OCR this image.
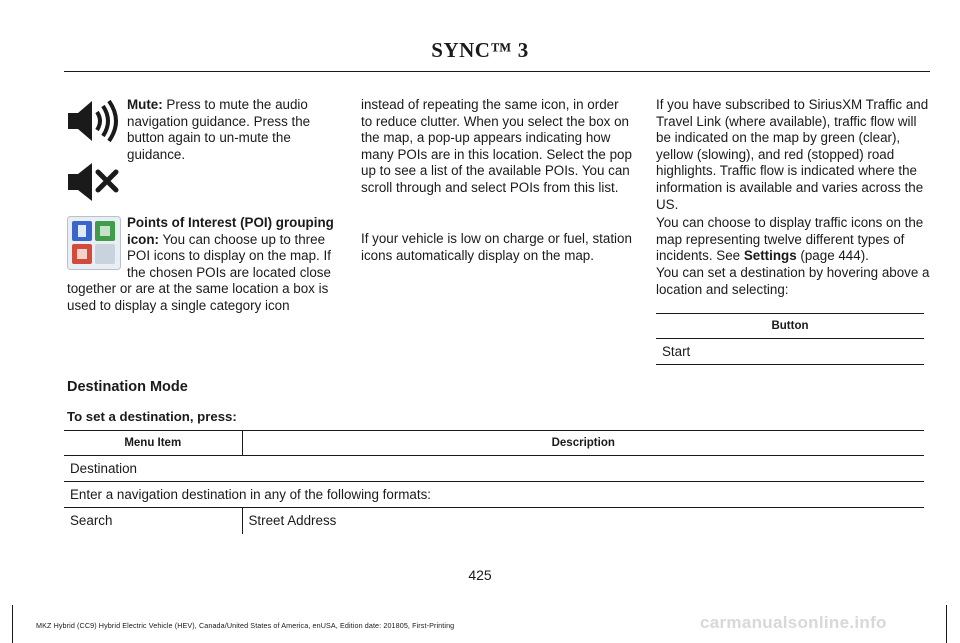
SYNC™ 3
Mute: Press to mute the audio navigation guidance. Press the button again to un-mute the guidance.
Points of Interest (POI) grouping icon: You can choose up to three POI icons to display on the map. If the chosen POIs are located close
together or are at the same location a box is used to display a single category icon
instead of repeating the same icon, in order to reduce clutter. When you select the box on the map, a pop-up appears indicating how many POIs are in this location. Select the pop up to see a list of the available POIs. You can scroll through and select POIs from this list.
If your vehicle is low on charge or fuel, station icons automatically display on the map.
If you have subscribed to SiriusXM Traffic and Travel Link (where available), traffic flow will be indicated on the map by green (clear), yellow (slowing), and red (stopped) road highlights. Traffic flow is indicated where the information is available and varies across the US.
You can choose to display traffic icons on the map representing twelve different types of incidents. See Settings (page 444).
You can set a destination by hovering above a location and selecting:
Button
Start
Destination Mode
To set a destination, press:
Menu Item	Description
Destination	
Enter a navigation destination in any of the following formats:	
Search	Street Address
425
MKZ Hybrid (CC9) Hybrid Electric Vehicle (HEV), Canada/United States of America, enUSA, Edition date: 201805, First-Printing	carmanualsonline.info
